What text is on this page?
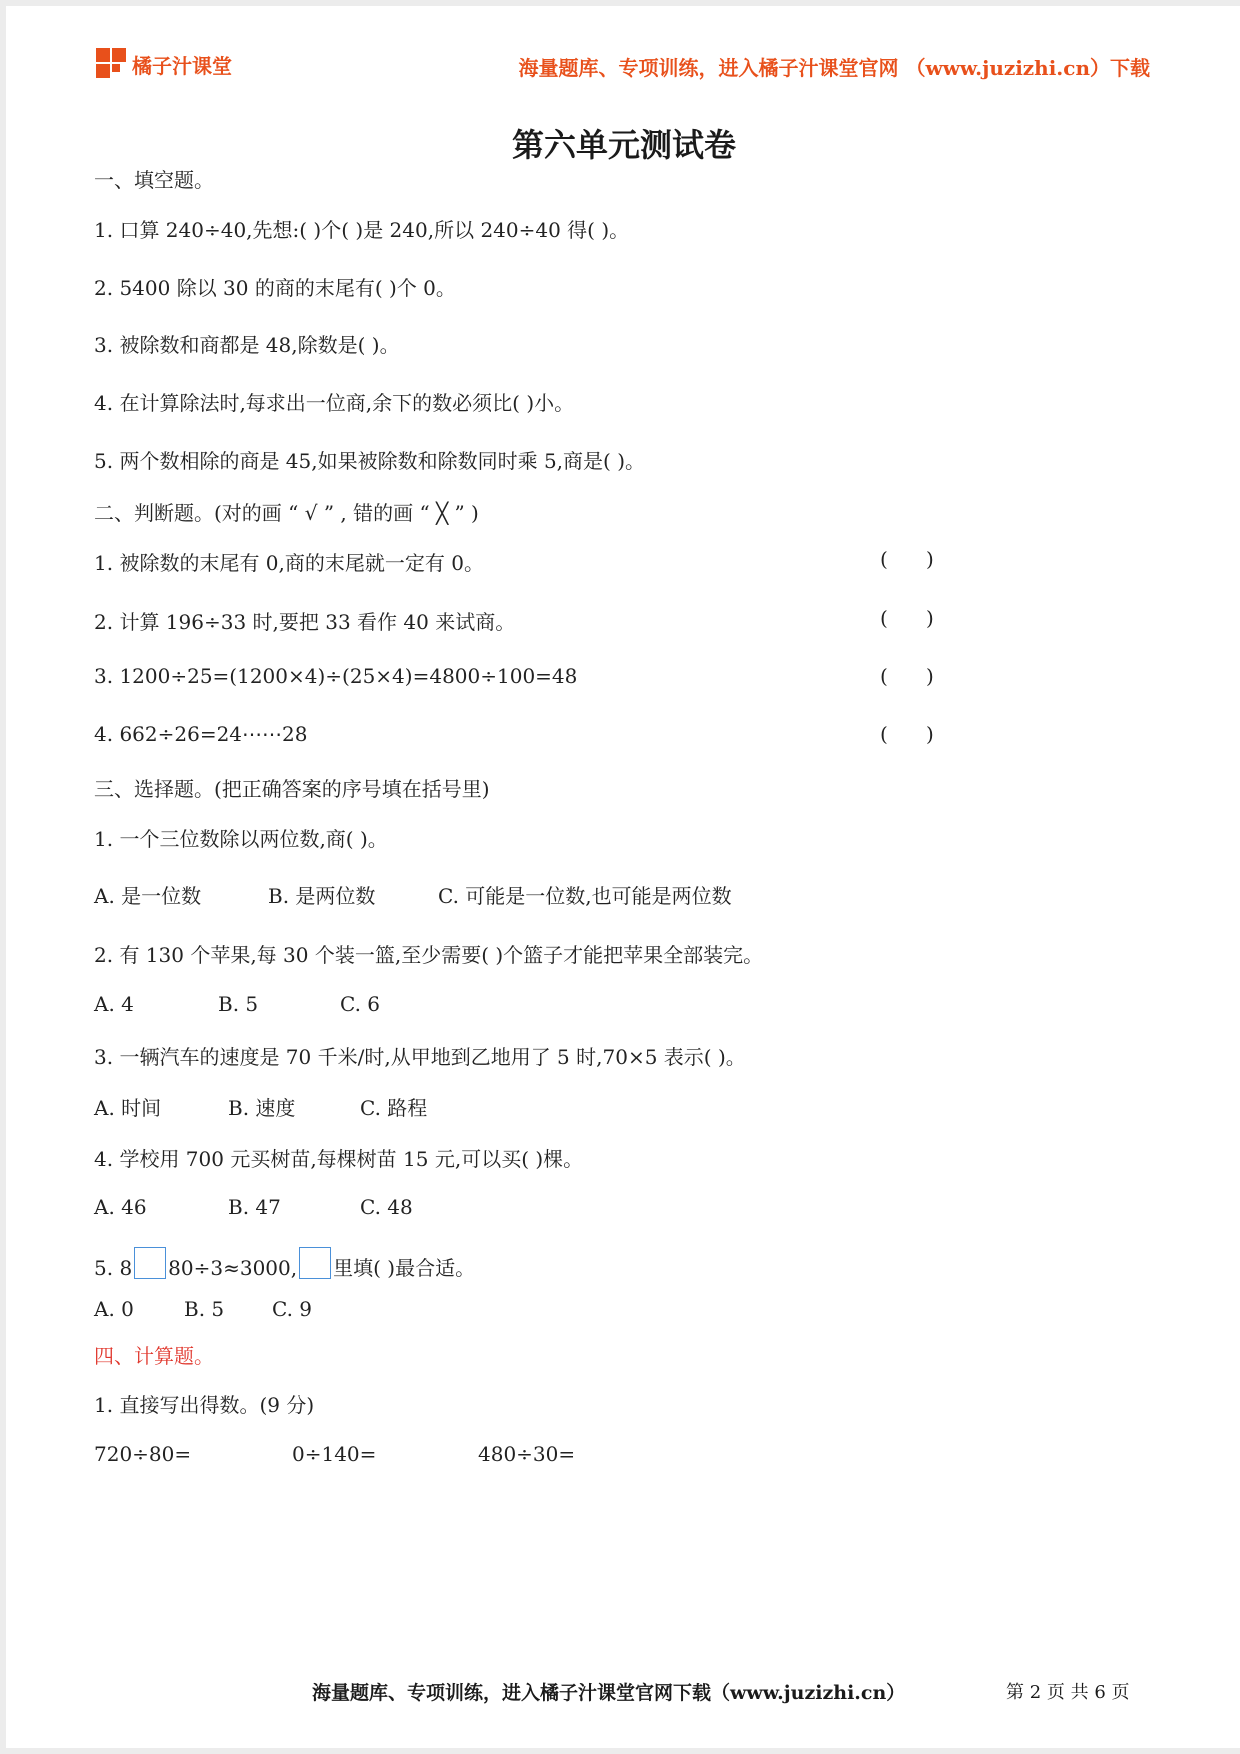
橘子汁课堂	海量题库、专项训练，进入橘子汁课堂官网 （www.juzizhi.cn）下载
第六单元测试卷
一、填空题。
1. 口算 240÷40,先想:( )个( )是 240,所以 240÷40 得( )。
2. 5400 除以 30 的商的末尾有( )个 0。
3. 被除数和商都是 48,除数是( )。
4. 在计算除法时,每求出一位商,余下的数必须比( )小。
5. 两个数相除的商是 45,如果被除数和除数同时乘 5,商是( )。
二、判断题。(对的画 “ √ ” , 错的画 “ ╳ ” )
1. 被除数的末尾有 0,商的末尾就一定有 0。	(      )
2. 计算 196÷33 时,要把 33 看作 40 来试商。	(      )
3. 1200÷25=(1200×4)÷(25×4)=4800÷100=48	(      )
4. 662÷26=24⋯⋯28	(      )
三、选择题。(把正确答案的序号填在括号里)
1. 一个三位数除以两位数,商( )。
A. 是一位数	B. 是两位数	C. 可能是一位数,也可能是两位数
2. 有 130 个苹果,每 30 个装一篮,至少需要( )个篮子才能把苹果全部装完。
A. 4	B. 5	C. 6
3. 一辆汽车的速度是 70 千米/时,从甲地到乙地用了 5 时,70×5 表示( )。
A. 时间	B. 速度	C. 路程
4. 学校用 700 元买树苗,每棵树苗 15 元,可以买( )棵。
A. 46	B. 47	C. 48
5. 8 80÷3≈3000, 里填( )最合适。
A. 0	B. 5 C. 9
四、计算题。
1. 直接写出得数。(9 分)
720÷80=	0÷140=	480÷30=
海量题库、专项训练，进入橘子汁课堂官网下载（www.juzizhi.cn）	第 2 页 共 6 页
